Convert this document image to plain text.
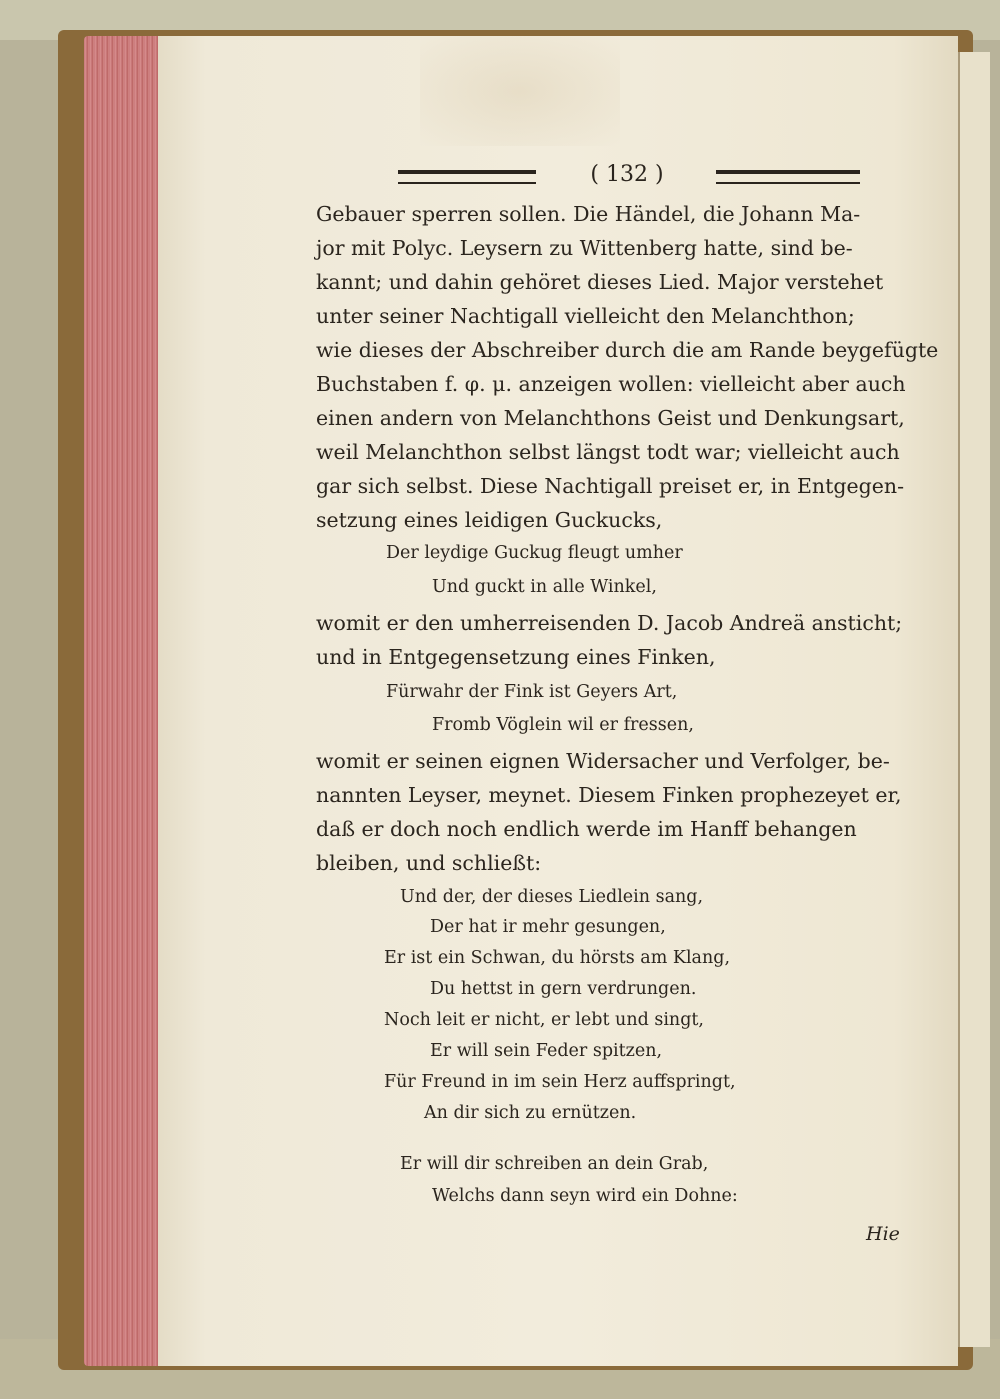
( 132 )

Gebauer sperren sollen. Die Händel, die Johann Ma-

jor mit Polyc. Leysern zu Wittenberg hatte, sind be-

kannt; und dahin gehöret dieses Lied. Major verstehet

unter seiner Nachtigall vielleicht den Melanchthon;

wie dieses der Abschreiber durch die am Rande beygefügte

Buchstaben f. φ. μ. anzeigen wollen: vielleicht aber auch

einen andern von Melanchthons Geist und Denkungsart,

weil Melanchthon selbst längst todt war; vielleicht auch

gar sich selbst. Diese Nachtigall preiset er, in Entgegen-

setzung eines leidigen Guckucks,

Der leydige Guckug fleugt umher

Und guckt in alle Winkel,

womit er den umherreisenden D. Jacob Andreä ansticht;

und in Entgegensetzung eines Finken,

Fürwahr der Fink ist Geyers Art,

Fromb Vöglein wil er fressen,

womit er seinen eignen Widersacher und Verfolger, be-

nannten Leyser, meynet. Diesem Finken prophezeyet er,

daß er doch noch endlich werde im Hanff behangen

bleiben, und schließt:

Und der, der dieses Liedlein sang,

Der hat ir mehr gesungen,

Er ist ein Schwan, du hörsts am Klang,

Du hettst in gern verdrungen.

Noch leit er nicht, er lebt und singt,

Er will sein Feder spitzen,

Für Freund in im sein Herz auffspringt,

An dir sich zu ernützen.

Er will dir schreiben an dein Grab,

Welchs dann seyn wird ein Dohne:

Hie
